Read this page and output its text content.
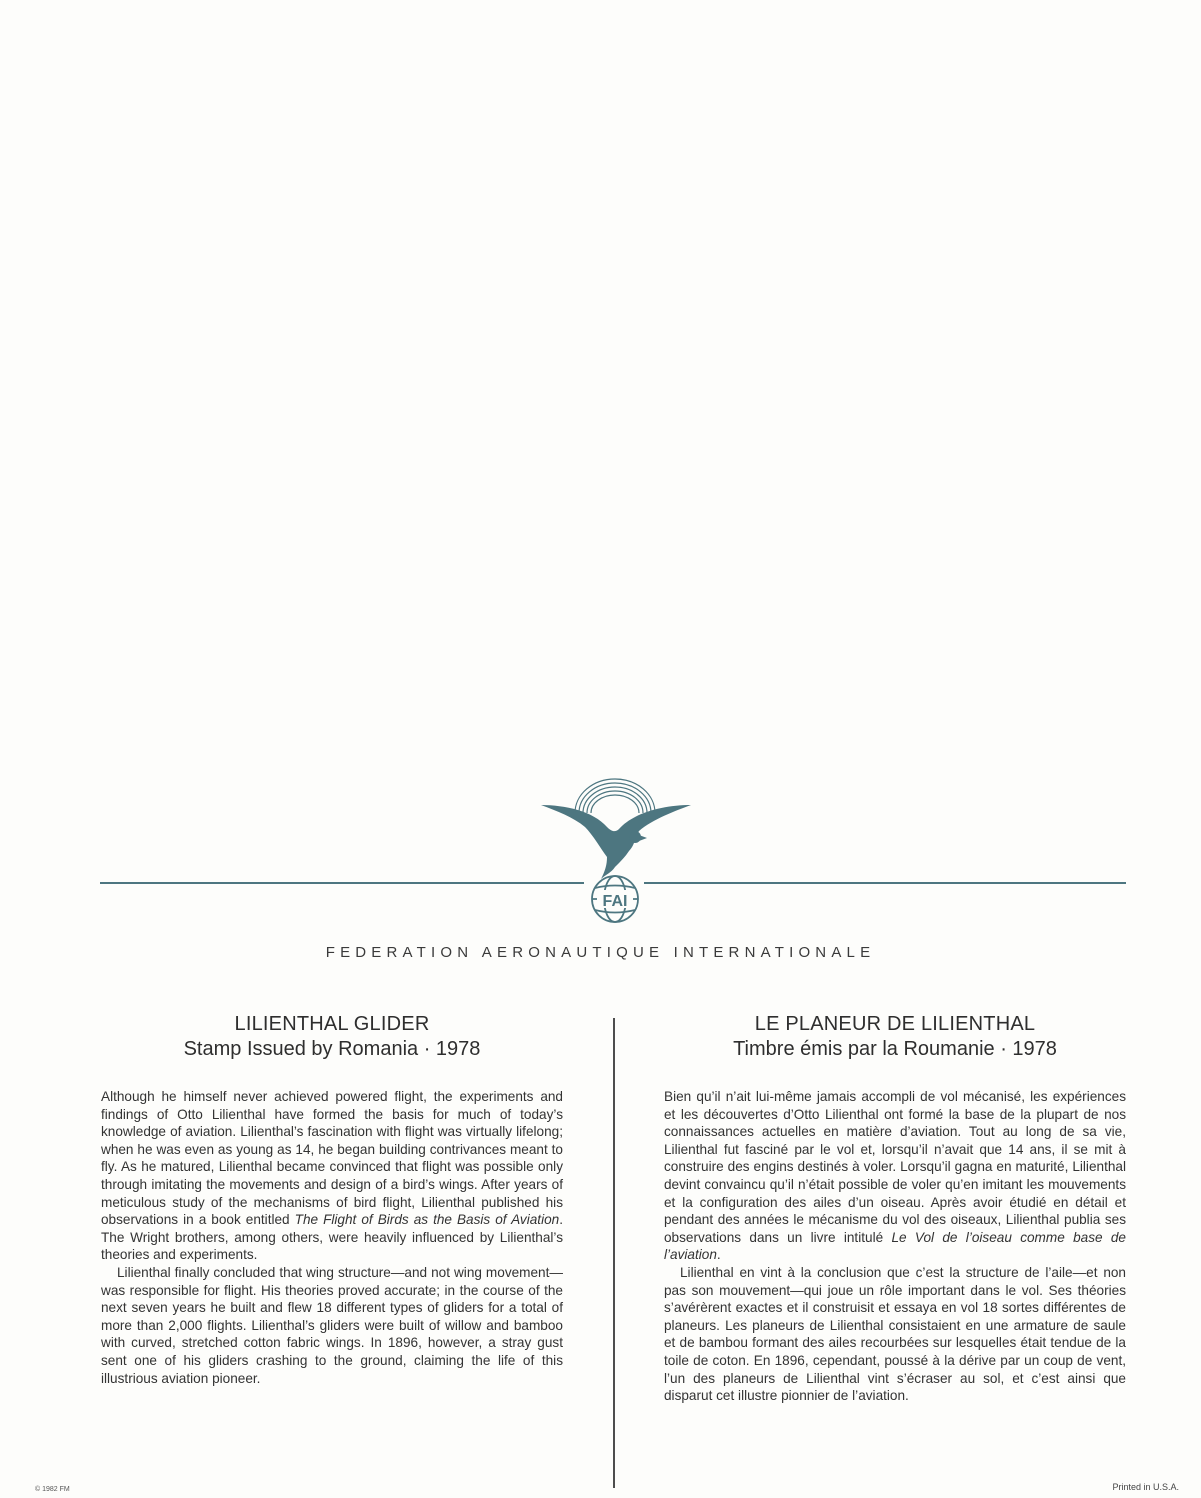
FAI
FEDERATION AERONAUTIQUE INTERNATIONALE
LILIENTHAL GLIDER
Stamp Issued by Romania · 1978

Although he himself never achieved powered flight, the experiments and findings of Otto Lilienthal have formed the basis for much of today’s knowledge of aviation. Lilienthal’s fascination with flight was virtually lifelong; when he was even as young as 14, he began building contrivances meant to fly. As he matured, Lilienthal became convinced that flight was possible only through imitating the movements and design of a bird’s wings. After years of meticulous study of the mechanisms of bird flight, Lilienthal published his observations in a book entitled The Flight of Birds as the Basis of Aviation. The Wright brothers, among others, were heavily influenced by Lilienthal’s theories and experiments.

Lilienthal finally concluded that wing structure—and not wing movement—was responsible for flight. His theories proved accurate; in the course of the next seven years he built and flew 18 different types of gliders for a total of more than 2,000 flights. Lilienthal’s gliders were built of willow and bamboo with curved, stretched cotton fabric wings. In 1896, however, a stray gust sent one of his gliders crashing to the ground, claiming the life of this illustrious aviation pioneer.

LE PLANEUR DE LILIENTHAL
Timbre émis par la Roumanie · 1978

Bien qu’il n’ait lui-même jamais accompli de vol mécanisé, les expériences et les découvertes d’Otto Lilienthal ont formé la base de la plupart de nos connaissances actuelles en matière d’aviation. Tout au long de sa vie, Lilienthal fut fasciné par le vol et, lorsqu’il n’avait que 14 ans, il se mit à construire des engins destinés à voler. Lorsqu’il gagna en maturité, Lilienthal devint convaincu qu’il n’était possible de voler qu’en imitant les mouvements et la configuration des ailes d’un oiseau. Après avoir étudié en détail et pendant des années le mécanisme du vol des oiseaux, Lilienthal publia ses observations dans un livre intitulé Le Vol de l’oiseau comme base de l’aviation.

Lilienthal en vint à la conclusion que c’est la structure de l’aile—et non pas son mouvement—qui joue un rôle important dans le vol. Ses théories s’avérèrent exactes et il construisit et essaya en vol 18 sortes différentes de planeurs. Les planeurs de Lilienthal consistaient en une armature de saule et de bambou formant des ailes recourbées sur lesquelles était tendue de la toile de coton. En 1896, cependant, poussé à la dérive par un coup de vent, l’un des planeurs de Lilienthal vint s’écraser au sol, et c’est ainsi que disparut cet illustre pionnier de l’aviation.

© 1982 FM	Printed in U.S.A.
